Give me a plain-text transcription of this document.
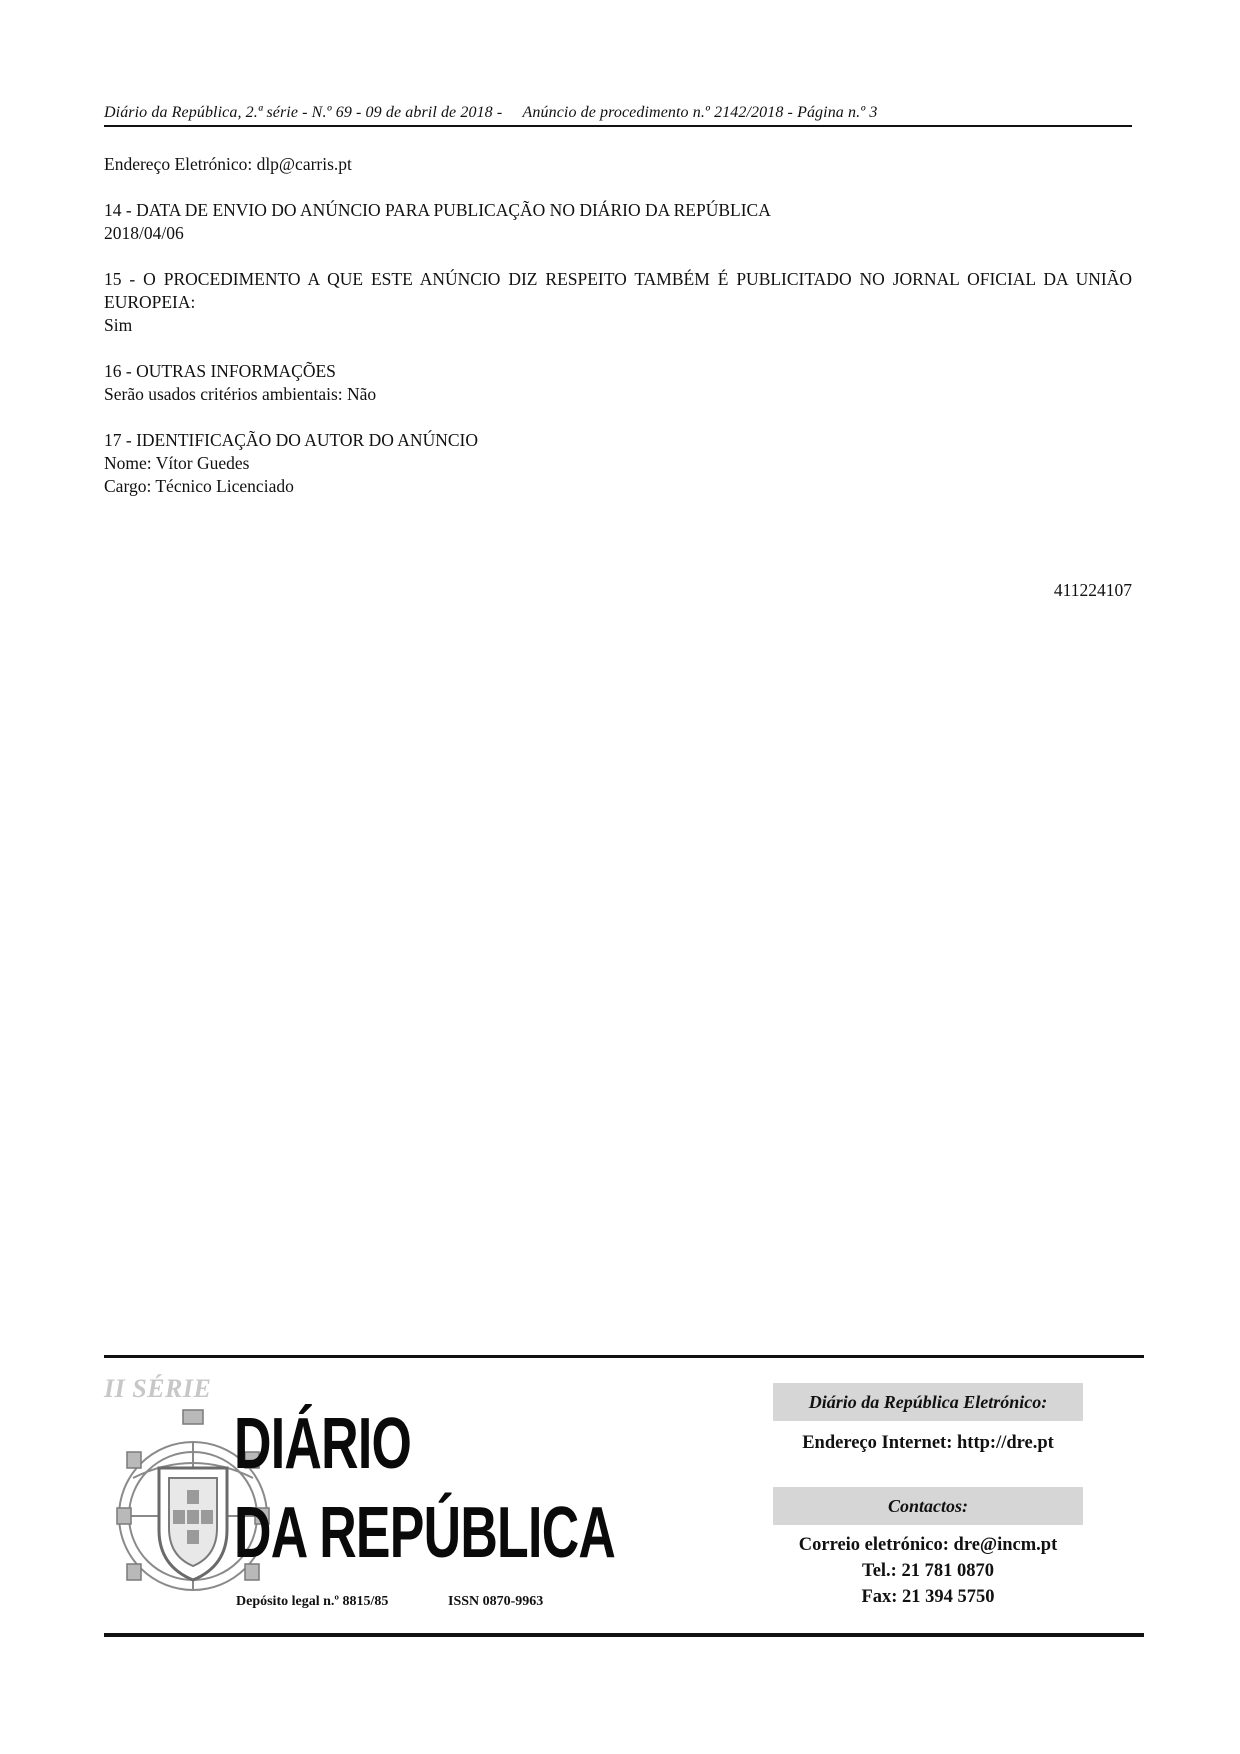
Diário da República, 2.ª série - N.º 69 - 09 de abril de 2018 - Anúncio de procedimento n.º 2142/2018 - Página n.º 3

Endereço Eletrónico: dlp@carris.pt

14 - DATA DE ENVIO DO ANÚNCIO PARA PUBLICAÇÃO NO DIÁRIO DA REPÚBLICA

2018/04/06

15 - O PROCEDIMENTO A QUE ESTE ANÚNCIO DIZ RESPEITO TAMBÉM É PUBLICITADO NO JORNAL OFICIAL DA UNIÃO EUROPEIA:

Sim

16 - OUTRAS INFORMAÇÕES

Serão usados critérios ambientais: Não

17 - IDENTIFICAÇÃO DO AUTOR DO ANÚNCIO

Nome: Vítor Guedes

Cargo: Técnico Licenciado

411224107
II SÉRIE
DIÁRIO
DA REPÚBLICA
Depósito legal n.º 8815/85	ISSN 0870-9963
Diário da República Eletrónico:
Endereço Internet: http://dre.pt
Contactos:
Correio eletrónico: dre@incm.pt
Tel.: 21 781 0870
Fax: 21 394 5750
